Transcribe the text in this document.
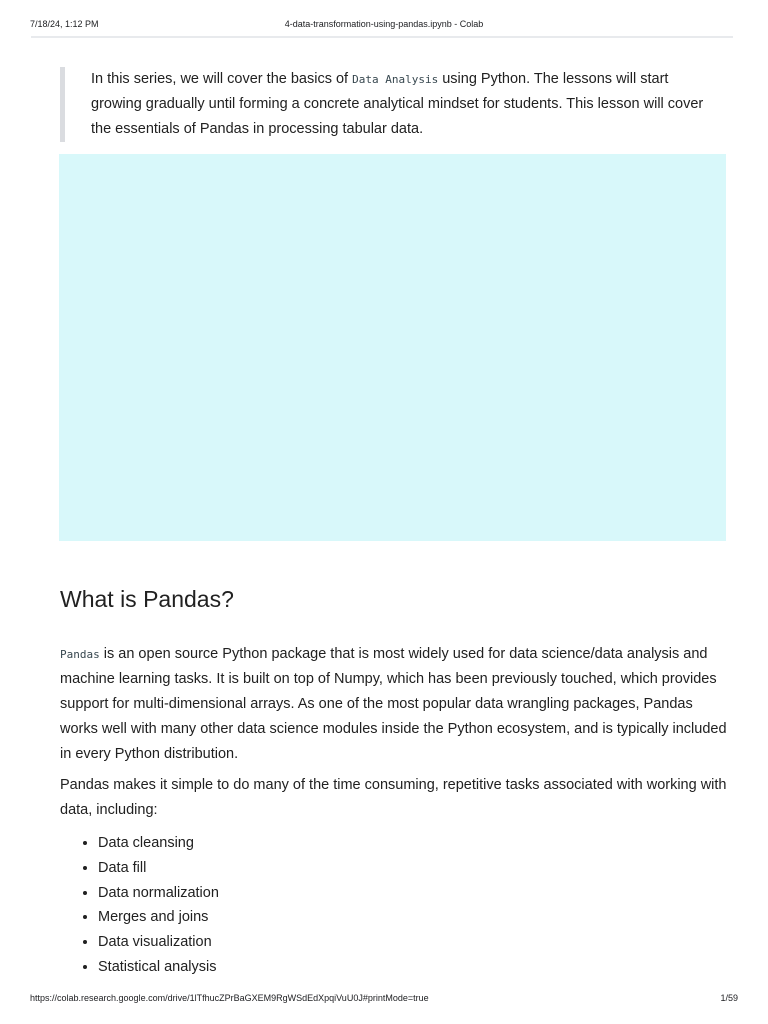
7/18/24, 1:12 PM	4-data-transformation-using-pandas.ipynb - Colab
In this series, we will cover the basics of Data Analysis using Python. The lessons will start growing gradually until forming a concrete analytical mindset for students. This lesson will cover the essentials of Pandas in processing tabular data.
What is Pandas?

Pandas is an open source Python package that is most widely used for data science/data analysis and machine learning tasks. It is built on top of Numpy, which has been previously touched, which provides support for multi-dimensional arrays. As one of the most popular data wrangling packages, Pandas works well with many other data science modules inside the Python ecosystem, and is typically included in every Python distribution.

Pandas makes it simple to do many of the time consuming, repetitive tasks associated with working with data, including:

• Data cleansing
• Data fill
• Data normalization
• Merges and joins
• Data visualization
• Statistical analysis
https://colab.research.google.com/drive/1lTfhucZPrBaGXEM9RgWSdEdXpqiVuU0J#printMode=true	1/59
